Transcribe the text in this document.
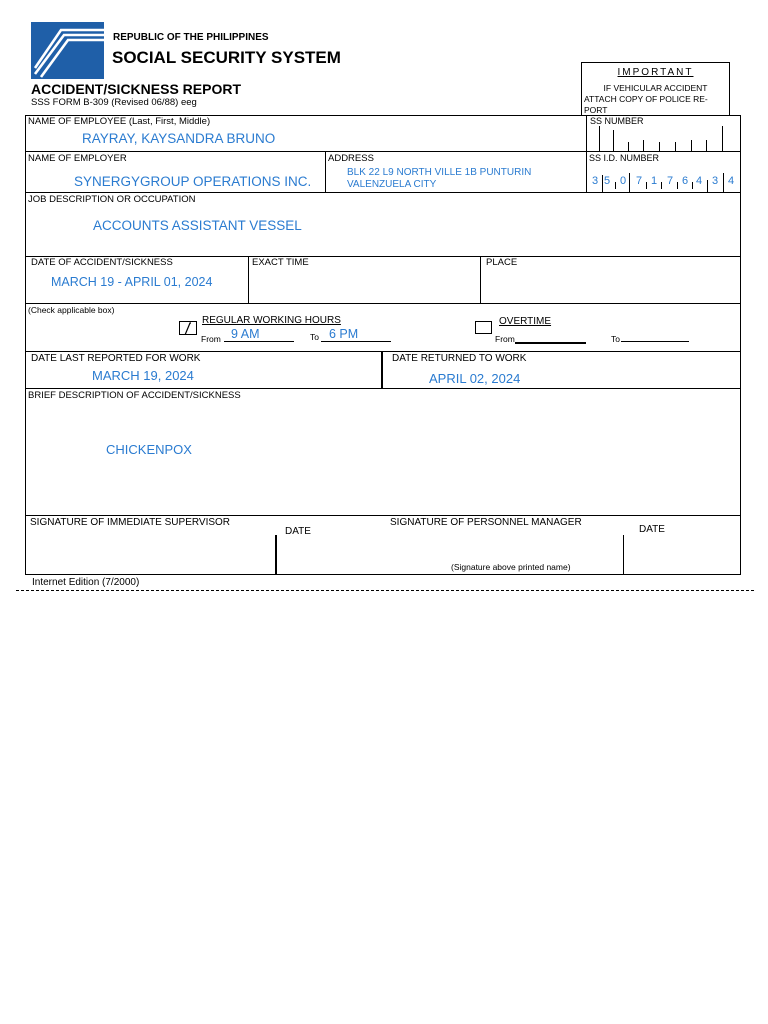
REPUBLIC OF THE PHILIPPINES
SOCIAL SECURITY SYSTEM
ACCIDENT/SICKNESS REPORT
SSS FORM B-309 (Revised 06/88) eeg
IMPORTANT
IF VEHICULAR ACCIDENT
ATTACH COPY OF POLICE RE-
PORT
NAME OF EMPLOYEE (Last, First, Middle)
RAYRAY, KAYSANDRA BRUNO
SS NUMBER
NAME OF EMPLOYER
SYNERGYGROUP OPERATIONS INC.
ADDRESS
BLK 22 L9 NORTH VILLE 1B PUNTURIN
VALENZUELA CITY
SS I.D. NUMBER
3 5 0 7 1 7 6 4 3 4
JOB DESCRIPTION OR OCCUPATION
ACCOUNTS ASSISTANT VESSEL
DATE OF ACCIDENT/SICKNESS
MARCH 19 - APRIL 01, 2024
EXACT TIME	PLACE
(Check applicable box)
REGULAR WORKING HOURS
From 9 AM	To 6 PM
OVERTIME
From	To
DATE LAST REPORTED FOR WORK
MARCH 19, 2024
DATE RETURNED TO WORK
APRIL 02, 2024
BRIEF DESCRIPTION OF ACCIDENT/SICKNESS
CHICKENPOX
SIGNATURE OF IMMEDIATE SUPERVISOR
DATE
SIGNATURE OF PERSONNEL MANAGER
DATE
(Signature above printed name)
Internet Edition (7/2000)
